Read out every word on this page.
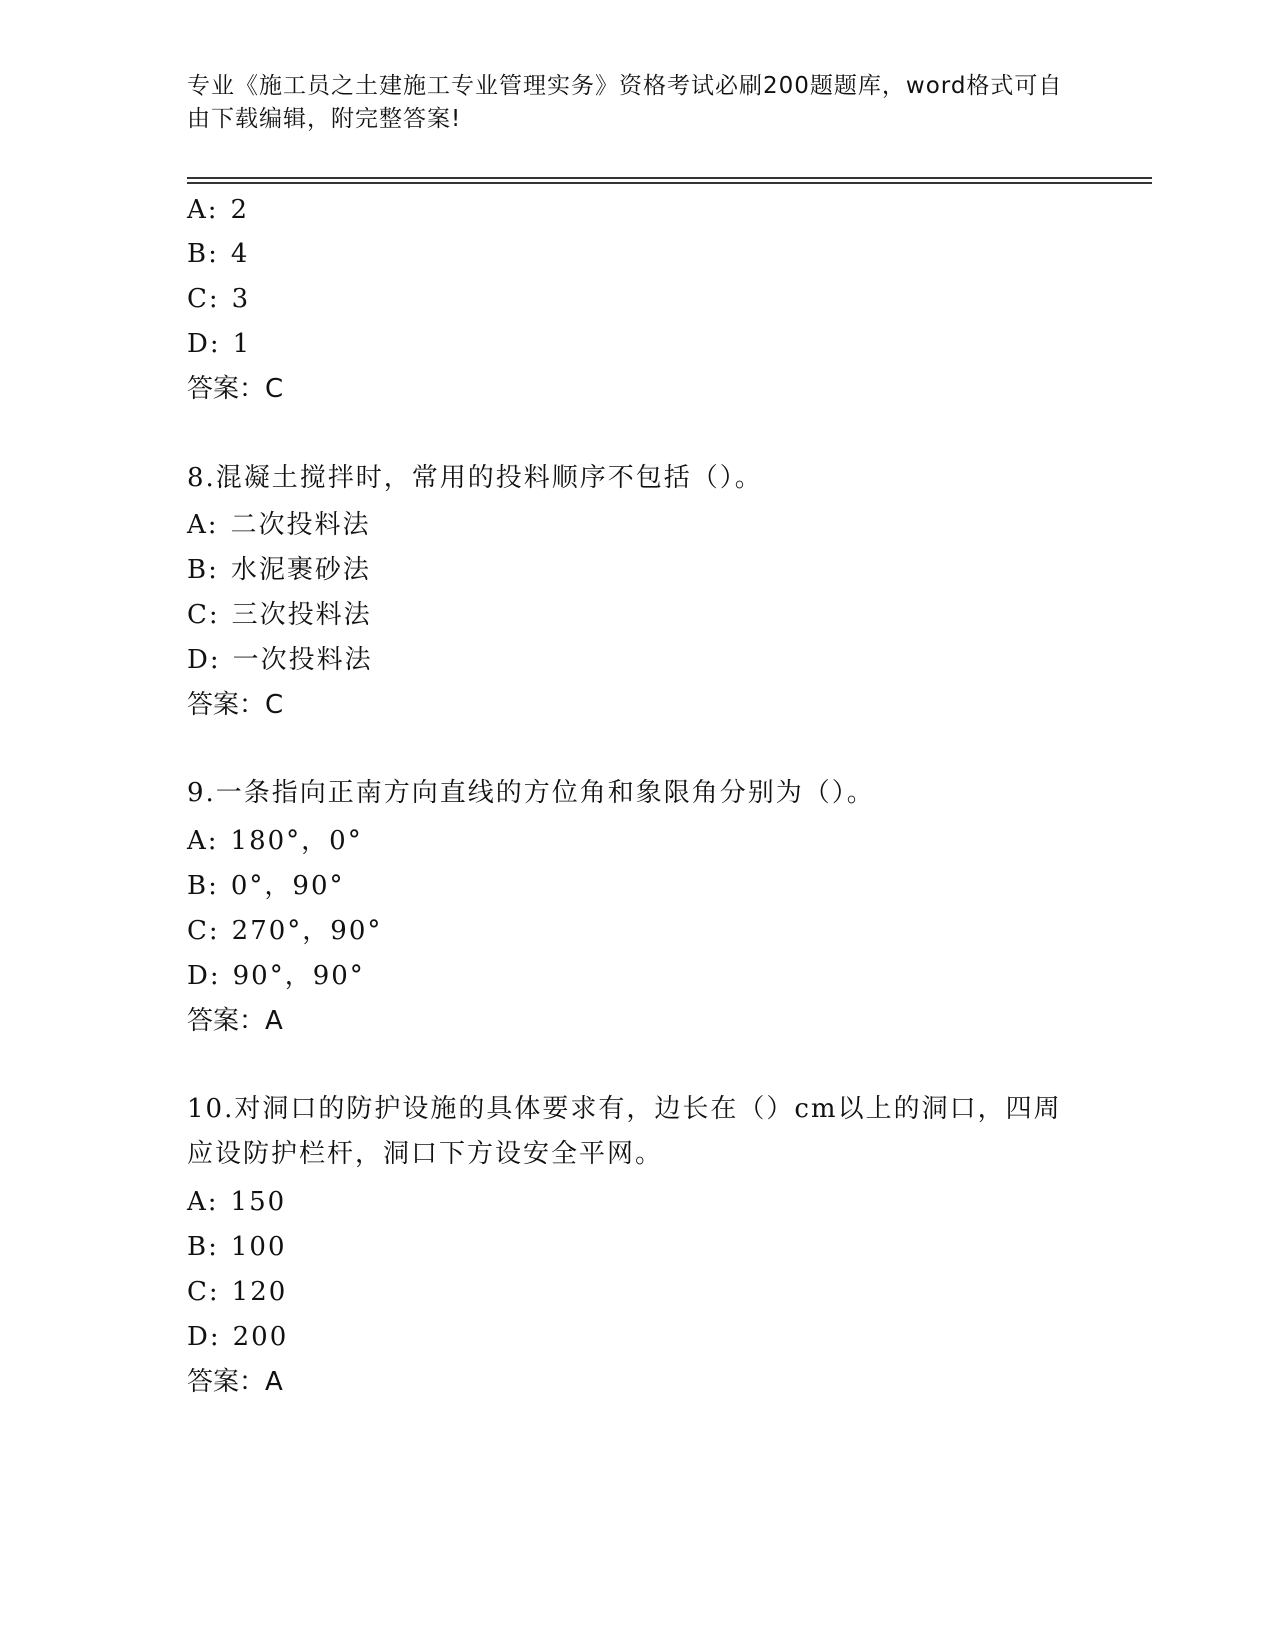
专业《施工员之土建施工专业管理实务》资格考试必刷200题题库，word格式可自由下载编辑，附完整答案!
A: 2
B: 4
C: 3
D: 1
答案：C
8.混凝土搅拌时，常用的投料顺序不包括（）。
A: 二次投料法
B: 水泥裹砂法
C: 三次投料法
D: 一次投料法
答案：C
9.一条指向正南方向直线的方位角和象限角分别为（）。
A: 180°，0°
B: 0°，90°
C: 270°，90°
D: 90°，90°
答案：A
10.对洞口的防护设施的具体要求有，边长在（）cm以上的洞口，四周应设防护栏杆，洞口下方设安全平网。
A: 150
B: 100
C: 120
D: 200
答案：A
